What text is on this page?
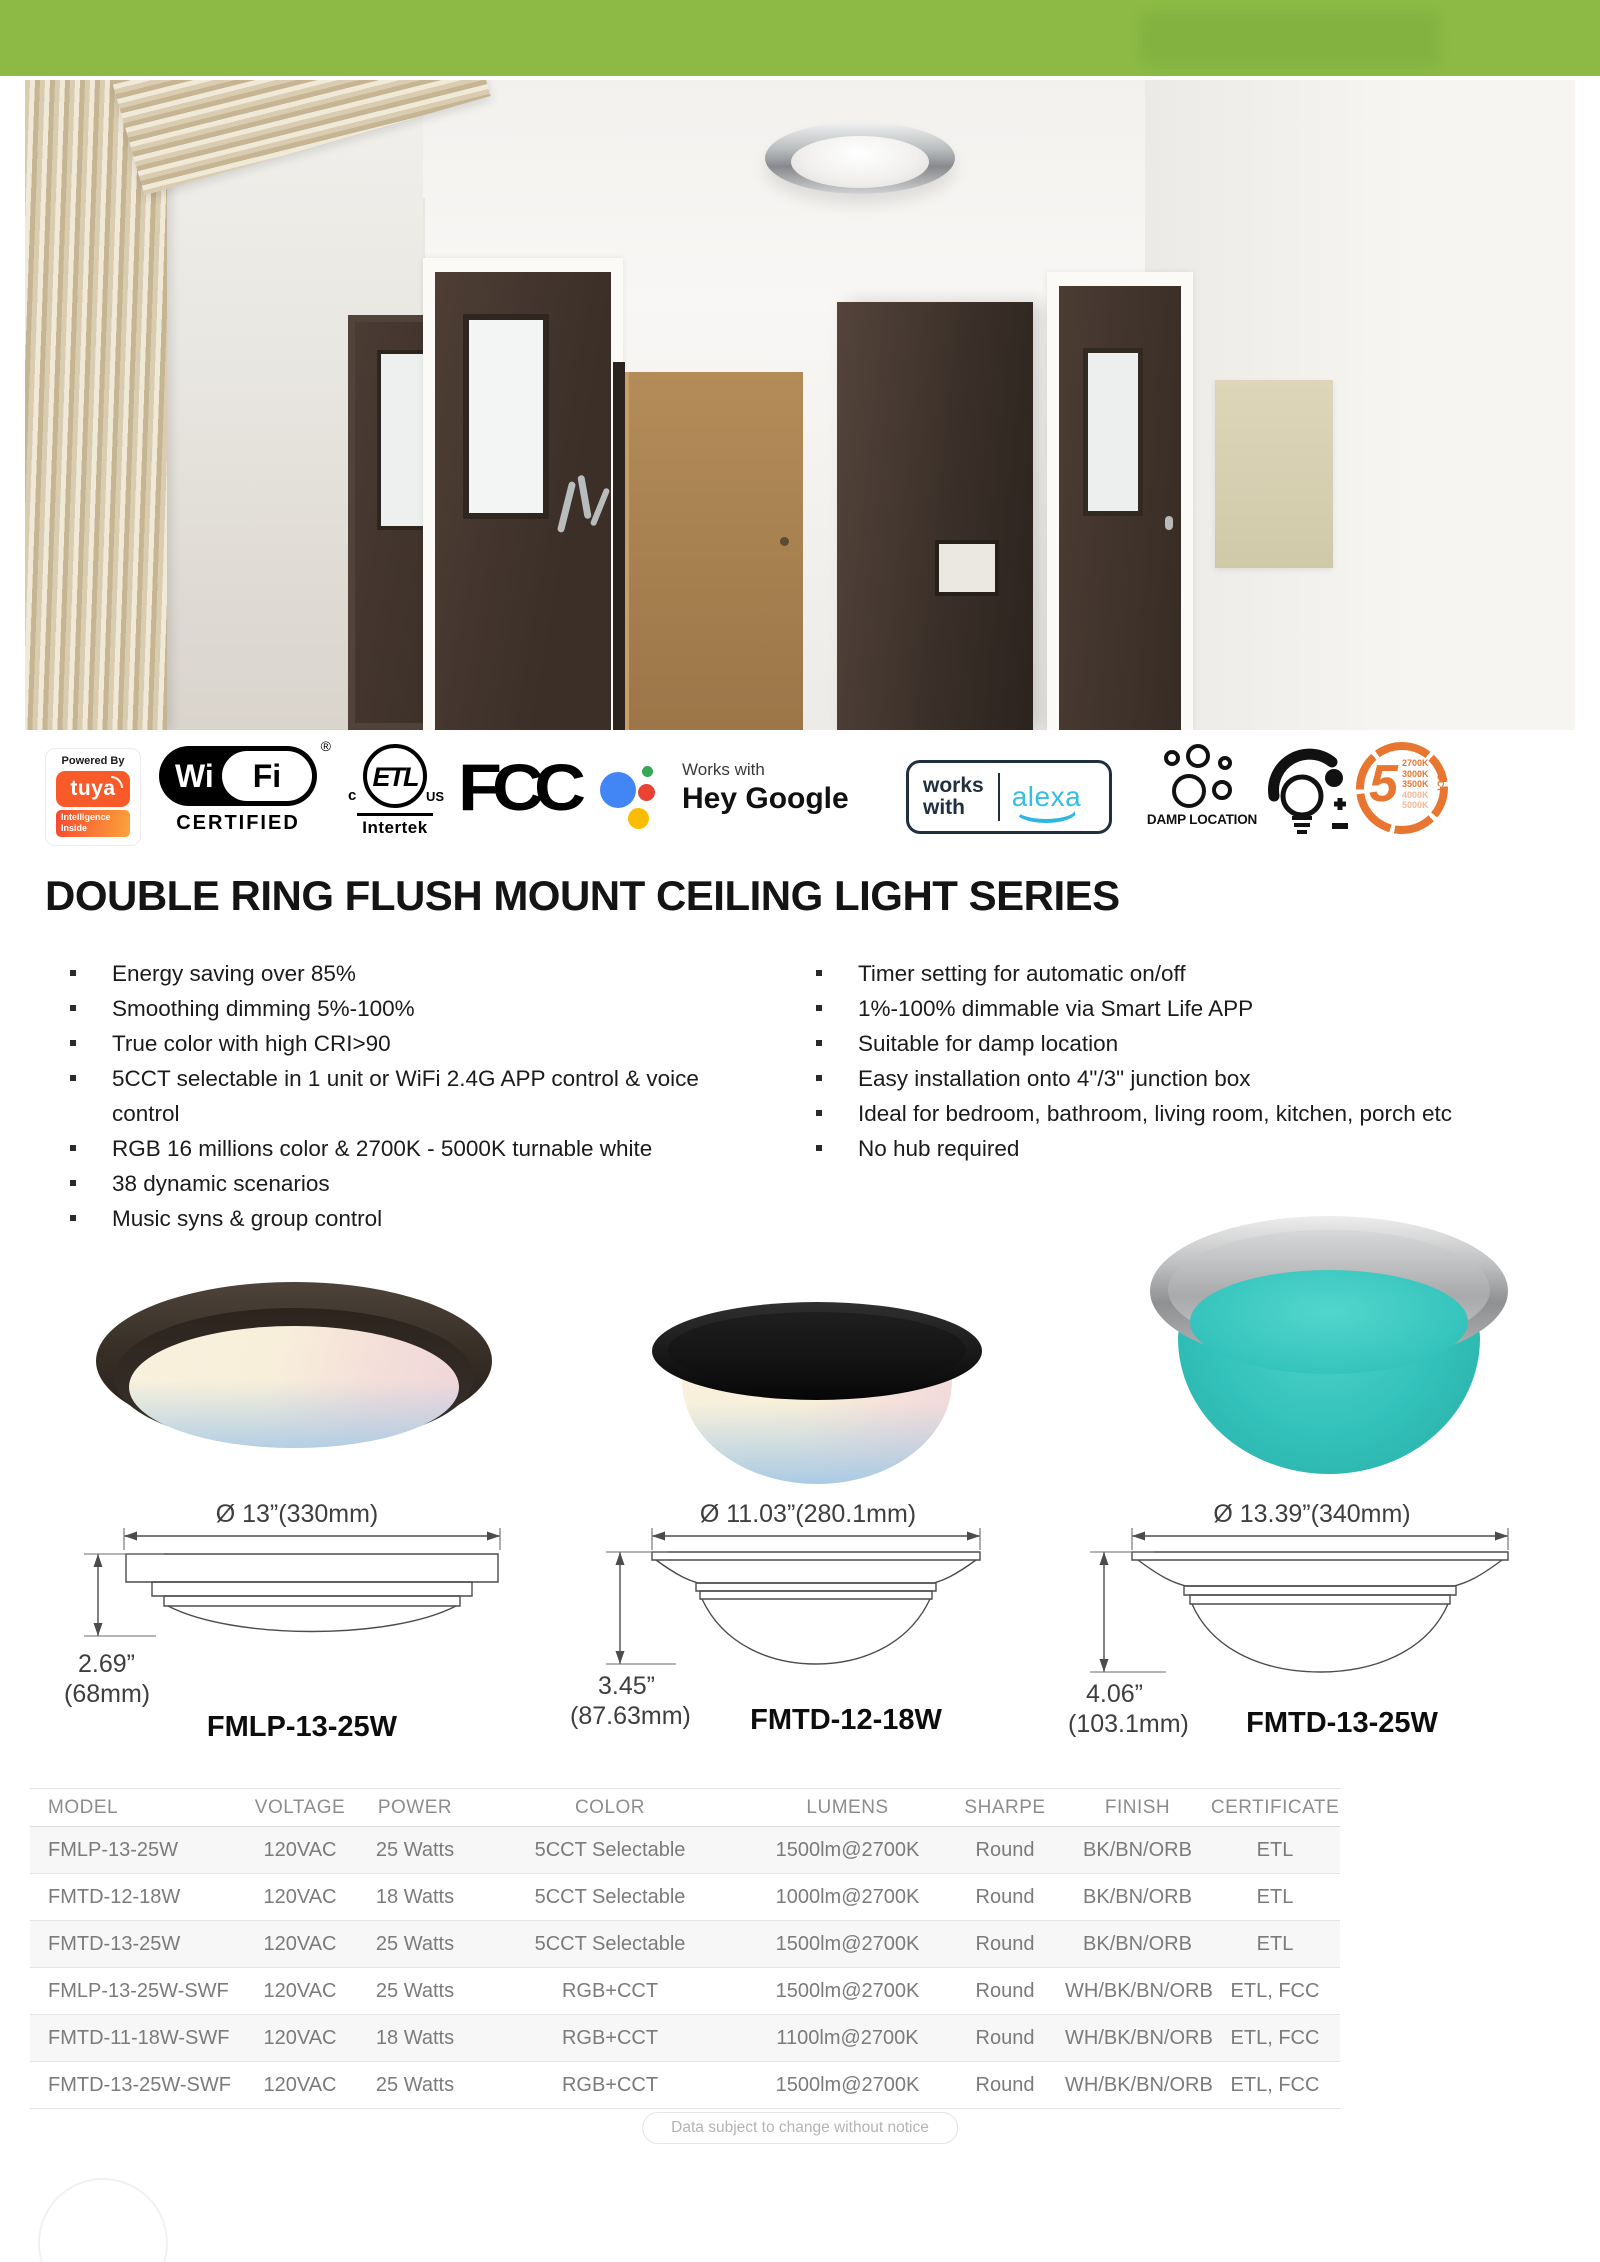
Powered By
tuya
Intelligence
Inside
Wi	Fi
®
CERTIFIED
c
ETL
US
Intertek
FCC	Works with
Hey Google	works
with	alexa
DAMP LOCATION
5 2700K
3000K
3500K
4000K
5000K
CCT
DOUBLE RING FLUSH MOUNT CEILING LIGHT SERIES
Energy saving over 85%
Smoothing dimming 5%-100%
True color with high CRI>90
5CCT selectable in 1 unit or WiFi 2.4G APP control & voice control
RGB 16 millions color & 2700K - 5000K turnable white
38 dynamic scenarios
Music syns & group control
Timer setting for automatic on/off
1%-100% dimmable via Smart Life APP
Suitable for damp location
Easy installation onto 4"/3" junction box
Ideal for bedroom, bathroom, living room, kitchen, porch etc
No hub required
Ø 13”(330mm)
2.69”
(68mm)
FMLP-13-25W
Ø 11.03”(280.1mm)
3.45”
(87.63mm) FMTD-12-18W
Ø 13.39”(340mm)
4.06”
(103.1mm) FMTD-13-25W
MODEL	VOLTAGE	POWER	COLOR	LUMENS	SHARPE	FINISH	CERTIFICATE
FMLP-13-25W	120VAC	25 Watts	5CCT Selectable	1500lm@2700K	Round	BK/BN/ORB	ETL
FMTD-12-18W	120VAC	18 Watts	5CCT Selectable	1000lm@2700K	Round	BK/BN/ORB	ETL
FMTD-13-25W	120VAC	25 Watts	5CCT Selectable	1500lm@2700K	Round	BK/BN/ORB	ETL
FMLP-13-25W-SWF	120VAC	25 Watts	RGB+CCT	1500lm@2700K	Round	WH/BK/BN/ORB	ETL, FCC
FMTD-11-18W-SWF	120VAC	18 Watts	RGB+CCT	1100lm@2700K	Round	WH/BK/BN/ORB	ETL, FCC
FMTD-13-25W-SWF	120VAC	25 Watts	RGB+CCT	1500lm@2700K	Round	WH/BK/BN/ORB	ETL, FCC
Data subject to change without notice
